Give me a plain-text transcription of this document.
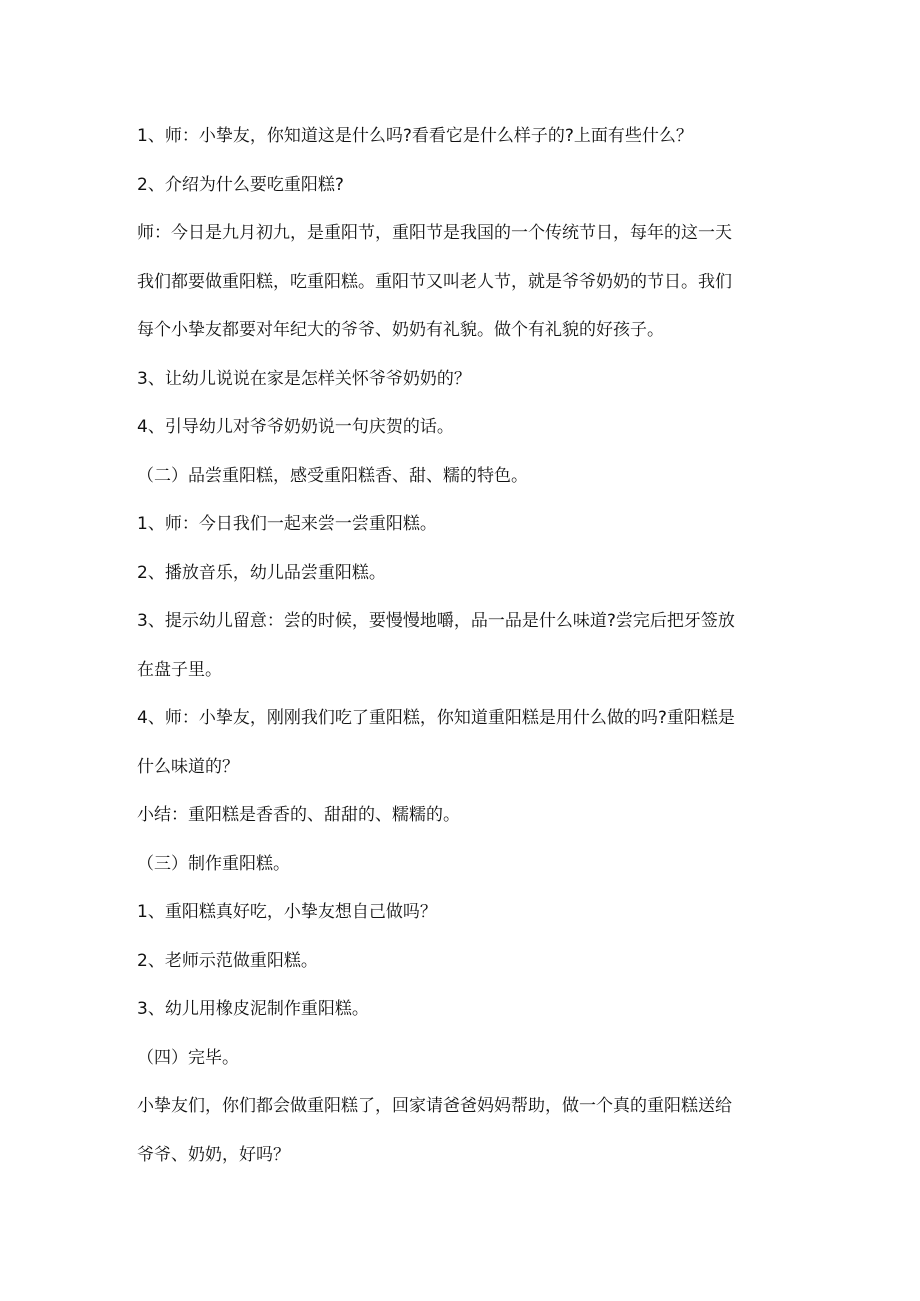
1、师：小挚友，你知道这是什么吗?看看它是什么样子的?上面有些什么？
2、介绍为什么要吃重阳糕?
师：今日是九月初九，是重阳节，重阳节是我国的一个传统节日，每年的这一天
我们都要做重阳糕，吃重阳糕。重阳节又叫老人节，就是爷爷奶奶的节日。我们
每个小挚友都要对年纪大的爷爷、奶奶有礼貌。做个有礼貌的好孩子。
3、让幼儿说说在家是怎样关怀爷爷奶奶的？
4、引导幼儿对爷爷奶奶说一句庆贺的话。
（二）品尝重阳糕，感受重阳糕香、甜、糯的特色。
1、师：今日我们一起来尝一尝重阳糕。
2、播放音乐，幼儿品尝重阳糕。
3、提示幼儿留意：尝的时候，要慢慢地嚼，品一品是什么味道?尝完后把牙签放
在盘子里。
4、师：小挚友，刚刚我们吃了重阳糕，你知道重阳糕是用什么做的吗?重阳糕是
什么味道的？
小结：重阳糕是香香的、甜甜的、糯糯的。
（三）制作重阳糕。
1、重阳糕真好吃，小挚友想自己做吗？
2、老师示范做重阳糕。
3、幼儿用橡皮泥制作重阳糕。
（四）完毕。
小挚友们，你们都会做重阳糕了，回家请爸爸妈妈帮助，做一个真的重阳糕送给
爷爷、奶奶，好吗？
